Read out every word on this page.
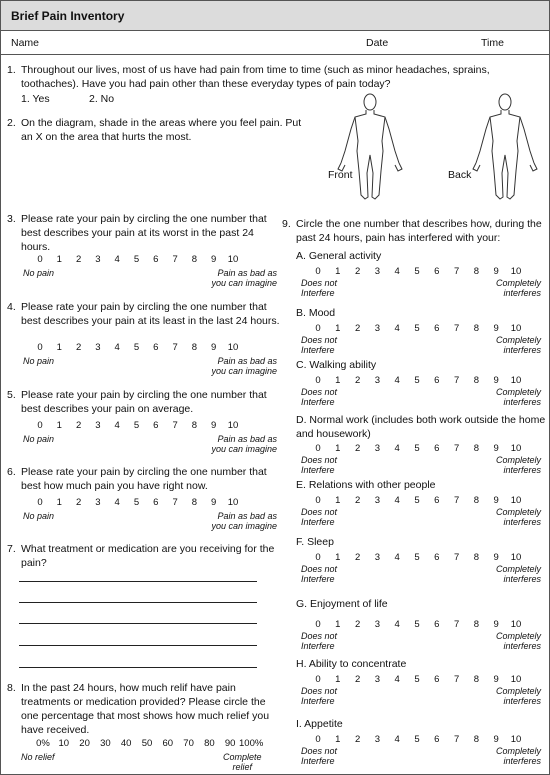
Brief Pain Inventory
Name	Date	Time
1. Throughout our lives, most of us have had pain from time to time (such as minor headaches, sprains, toothaches). Have you had pain other than these everyday types of pain today?
1. Yes	2. No
2. On the diagram, shade in the areas where you feel pain. Put an X on the area that hurts the most.
Front	Back
3. Please rate your pain by circling the one number that best describes your pain at its worst in the past 24 hours.
4. Please rate your pain by circling the one number that best describes your pain at its least in the last 24 hours.
5. Please rate your pain by circling the one number that best describes your pain on average.
6. Please rate your pain by circling the one number that best how much pain you have right now.
7. What treatment or medication are you receiving for the pain?
8. In the past 24 hours, how much relif have pain treatments or medication provided? Please circle the one percentage that most shows how much relief you have received.
No relief	Complete
relief
9. Circle the one number that describes how, during the past 24 hours, pain has interfered with your:
0	1	2	3	4	5	6	7	8	9	10
No pain	Pain as bad as
you can imagine
0	1	2	3	4	5	6	7	8	9	10
No pain	Pain as bad as
you can imagine
0	1	2	3	4	5	6	7	8	9	10
No pain	Pain as bad as
you can imagine
0	1	2	3	4	5	6	7	8	9	10
No pain	Pain as bad as
you can imagine
0% 10	20	30	40	50	60	70	80	90 100%
A. General activity
0	1	2	3	4	5	6	7	8	9	10
Does not
Interfere
Completely
interferes
B. Mood
0	1	2	3	4	5	6	7	8	9	10
Does not
Interfere
Completely
interferes
C. Walking ability
0	1	2	3	4	5	6	7	8	9	10
Does not
Interfere
Completely
interferes
D. Normal work (includes both work outside the home and housework)
0	1	2	3	4	5	6	7	8	9	10
Does not
Interfere
Completely
interferes
E. Relations with other people
0	1	2	3	4	5	6	7	8	9	10
Does not
Interfere
Completely
interferes
F. Sleep
0	1	2	3	4	5	6	7	8	9	10
Does not
Interfere
Completely
interferes
G. Enjoyment of life
0	1	2	3	4	5	6	7	8	9	10
Does not
Interfere
Completely
interferes
H. Ability to concentrate
0	1	2	3	4	5	6	7	8	9	10
Does not
Interfere
Completely
interferes
I. Appetite
0	1	2	3	4	5	6	7	8	9	10
Does not
Interfere
Completely
interferes
